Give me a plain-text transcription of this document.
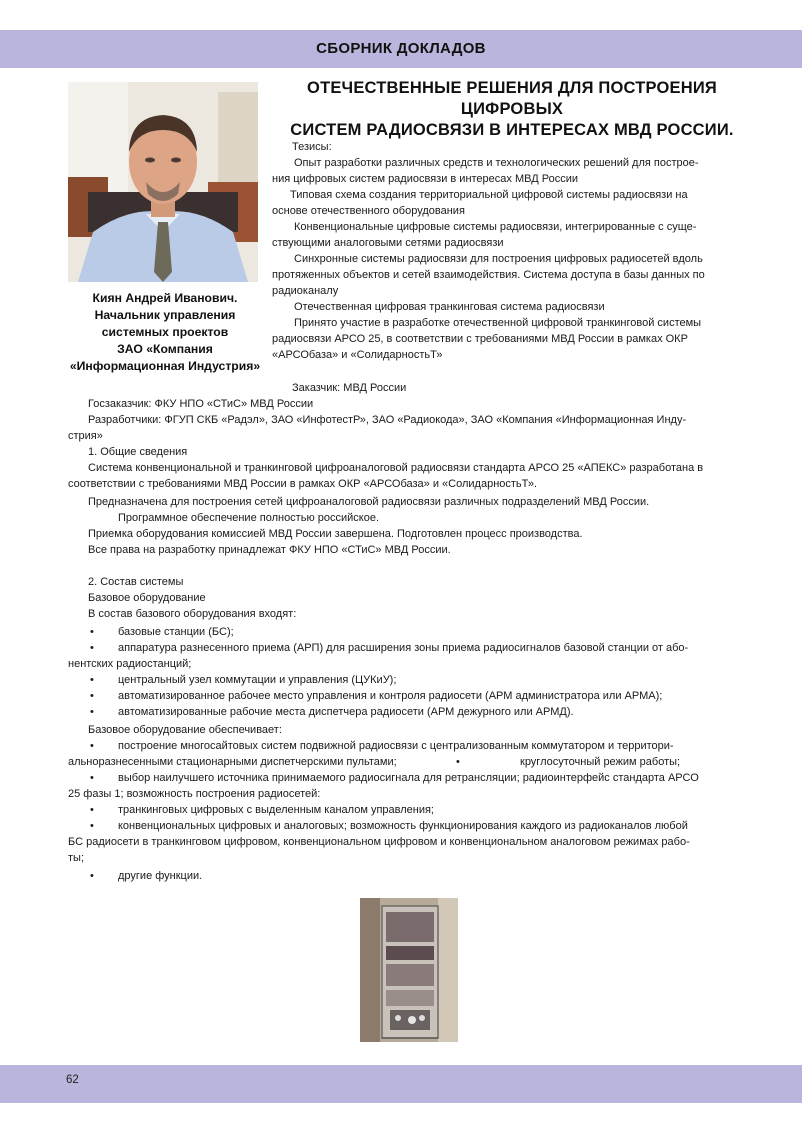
СБОРНИК ДОКЛАДОВ
ОТЕЧЕСТВЕННЫЕ РЕШЕНИЯ ДЛЯ ПОСТРОЕНИЯ ЦИФРОВЫХ
СИСТЕМ РАДИОСВЯЗИ В ИНТЕРЕСАХ МВД РОССИИ.
Киян Андрей Иванович.
Начальник управления
системных проектов
ЗАО «Компания
«Информационная Индустрия»
Тезисы:
Опыт разработки различных средств и технологических решений для построе-
ния цифровых систем радиосвязи в интересах МВД России
Типовая схема создания территориальной цифровой системы радиосвязи на
основе отечественного оборудования
Конвенциональные цифровые системы радиосвязи, интегрированные с суще-
ствующими аналоговыми сетями радиосвязи
Синхронные системы радиосвязи для построения цифровых радиосетей вдоль
протяженных объектов и сетей взаимодействия. Система доступа в базы данных по
радиоканалу
Отечественная цифровая транкинговая система радиосвязи
Принято участие в разработке отечественной цифровой транкинговой системы
радиосвязи АРСО 25, в соответствии с требованиями МВД России в рамках ОКР
«АРСОбаза» и «СолидарностьТ»
Заказчик: МВД России
Госзаказчик: ФКУ НПО «СТиС» МВД России
Разработчики: ФГУП СКБ «Радэл», ЗАО «ИнфотестР», ЗАО «Радиокода», ЗАО «Компания «Информационная Инду-
стрия»
1. Общие сведения
Система конвенциональной и транкинговой цифроаналоговой радиосвязи стандарта АРСО 25 «АПЕКС» разработана в
соответствии с требованиями МВД России в рамках ОКР «АРСОбаза» и «СолидарностьТ».
Предназначена для построения сетей цифроаналоговой радиосвязи различных подразделений МВД России.
Программное обеспечение полностью российское.
Приемка оборудования комиссией МВД России завершена. Подготовлен процесс производства.
Все права на разработку принадлежат ФКУ НПО «СТиС» МВД России.
2. Состав системы
Базовое оборудование
В состав базового оборудования входят:
• базовые станции (БС);
• аппаратура разнесенного приема (АРП) для расширения зоны приема радиосигналов базовой станции от або-
нентских радиостанций;
• центральный узел коммутации и управления (ЦУКиУ);
• автоматизированное рабочее место управления и контроля радиосети (АРМ администратора или АРМА);
• автоматизированные рабочие места диспетчера радиосети (АРМ дежурного или АРМД).
Базовое оборудование обеспечивает:
• построение многосайтовых систем подвижной радиосвязи с централизованным коммутатором и территори-
альноразнесенными стационарными диспетчерскими пультами;	•	круглосуточный режим работы;
• выбор наилучшего источника принимаемого радиосигнала для ретрансляции; радиоинтерфейс стандарта АРСО
25 фазы 1; возможность построения радиосетей:
• транкинговых цифровых с выделенным каналом управления;
• конвенциональных цифровых и аналоговых; возможность функционирования каждого из радиоканалов любой
БС радиосети в транкинговом цифровом, конвенциональном цифровом и конвенциональном аналоговом режимах рабо-
ты;
• другие функции.
62
